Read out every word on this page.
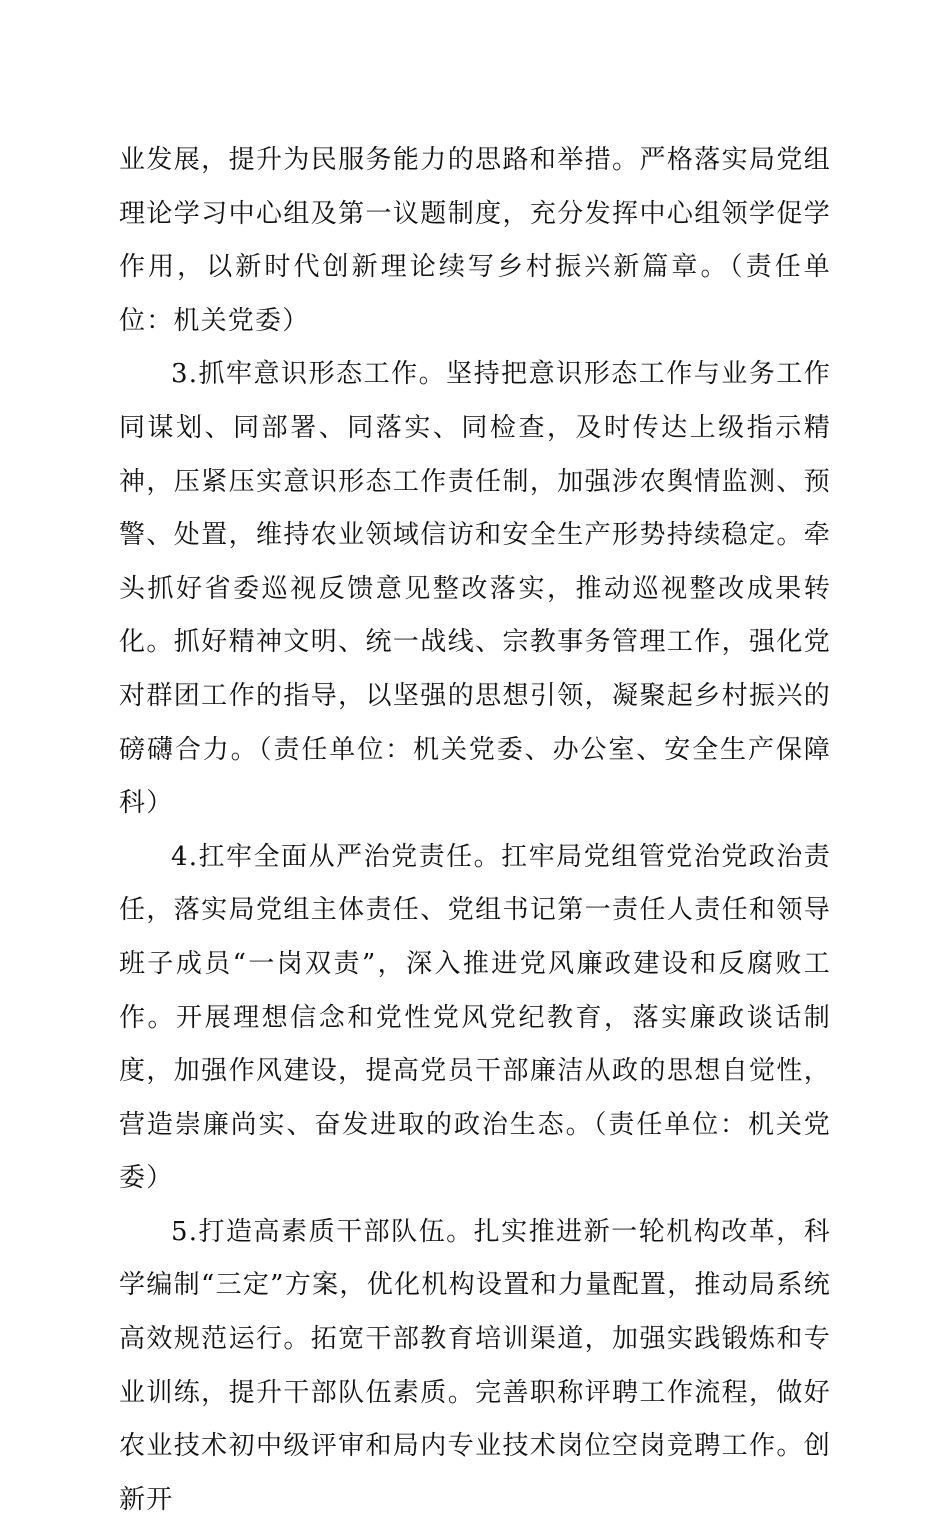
业发展，提升为民服务能力的思路和举措。严格落实局党组理论学习中心组及第一议题制度，充分发挥中心组领学促学作用，以新时代创新理论续写乡村振兴新篇章。（责任单位：机关党委）

3.抓牢意识形态工作。坚持把意识形态工作与业务工作同谋划、同部署、同落实、同检查，及时传达上级指示精神，压紧压实意识形态工作责任制，加强涉农舆情监测、预警、处置，维持农业领域信访和安全生产形势持续稳定。牵头抓好省委巡视反馈意见整改落实，推动巡视整改成果转化。抓好精神文明、统一战线、宗教事务管理工作，强化党对群团工作的指导，以坚强的思想引领，凝聚起乡村振兴的磅礴合力。（责任单位：机关党委、办公室、安全生产保障科）

4.扛牢全面从严治党责任。扛牢局党组管党治党政治责任，落实局党组主体责任、党组书记第一责任人责任和领导班子成员“一岗双责”，深入推进党风廉政建设和反腐败工作。开展理想信念和党性党风党纪教育，落实廉政谈话制度，加强作风建设，提高党员干部廉洁从政的思想自觉性，营造崇廉尚实、奋发进取的政治生态。（责任单位：机关党委）

5.打造高素质干部队伍。扎实推进新一轮机构改革，科学编制“三定”方案，优化机构设置和力量配置，推动局系统高效规范运行。拓宽干部教育培训渠道，加强实践锻炼和专业训练，提升干部队伍素质。完善职称评聘工作流程，做好农业技术初中级评审和局内专业技术岗位空岗竞聘工作。创新开
